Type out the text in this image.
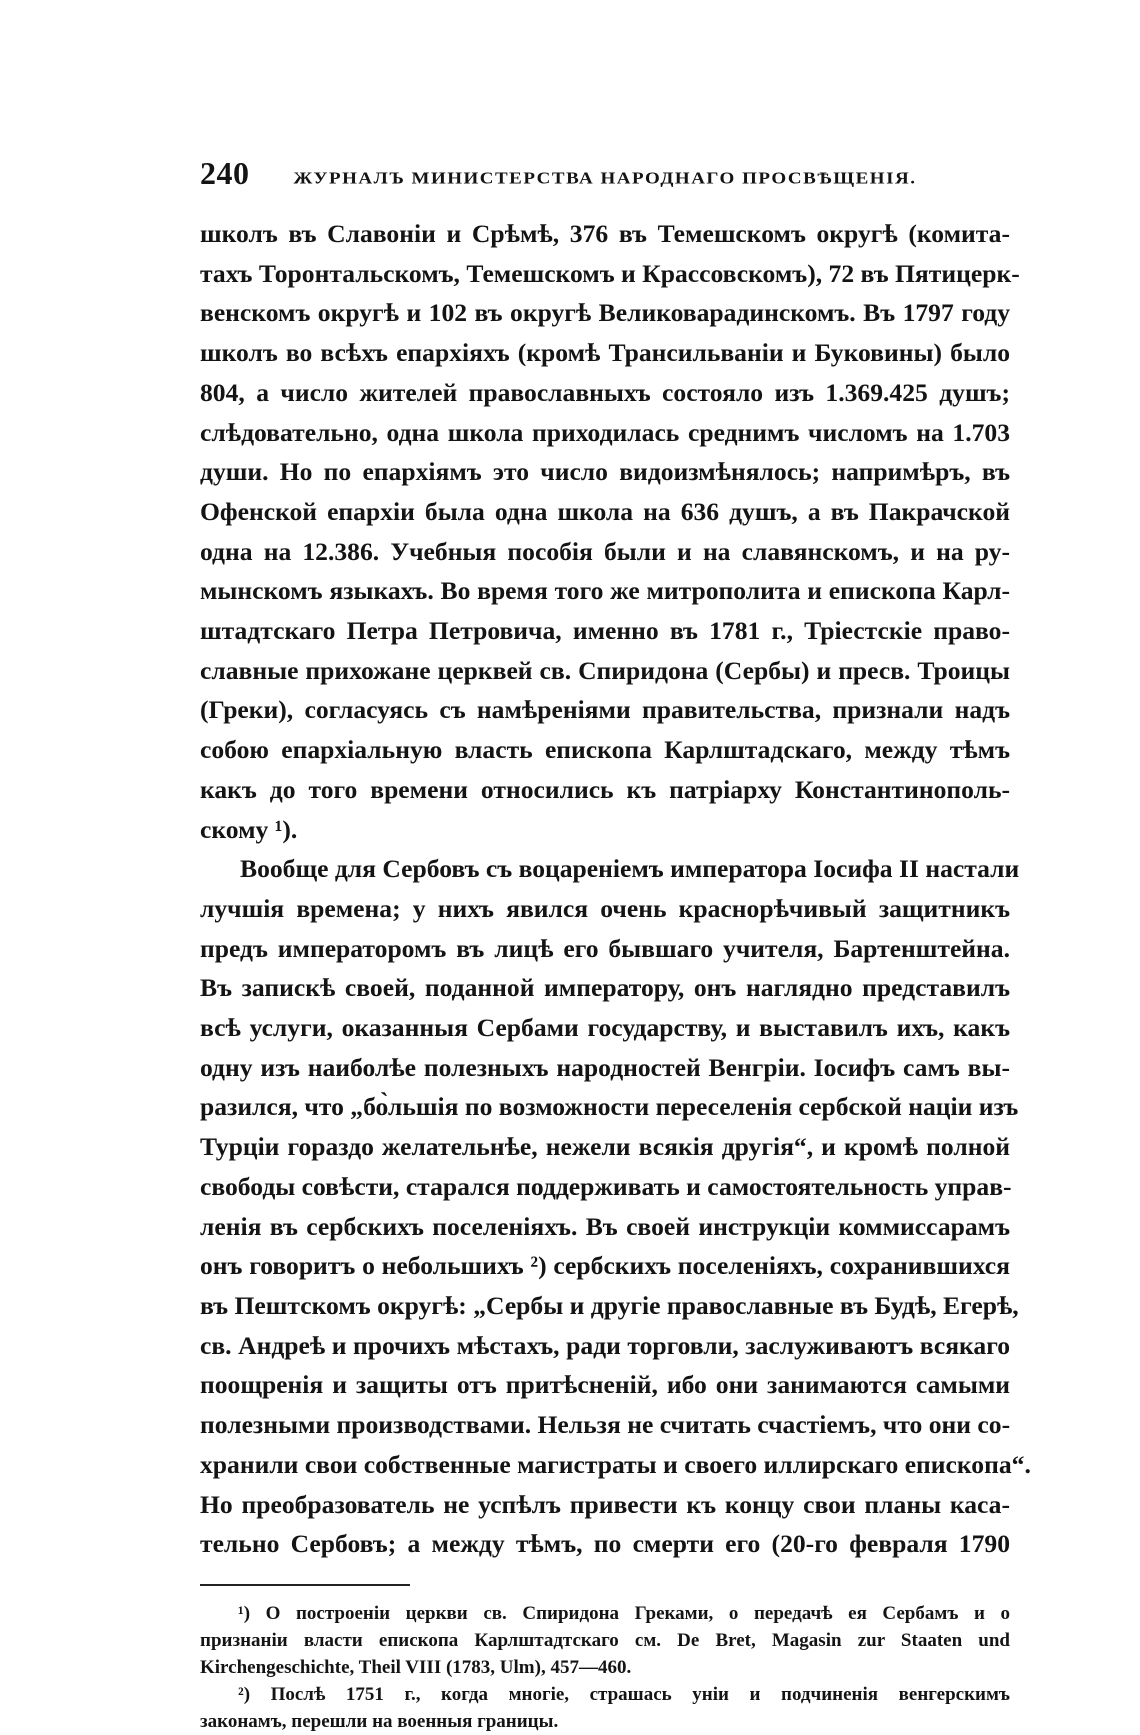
240 ЖУРНАЛЪ МИНИСТЕРСТВА НАРОДНАГО ПРОСВѢЩЕНІЯ.

школъ въ Славоніи и Срѣмѣ, 376 въ Темешскомъ округѣ (комита-
тахъ Торонтальскомъ, Темешскомъ и Крассовскомъ), 72 въ Пятицерк-
венскомъ округѣ и 102 въ округѣ Великоварадинскомъ. Въ 1797 году
школъ во всѣхъ епархіяхъ (кромѣ Трансильваніи и Буковины) было
804, а число жителей православныхъ состояло изъ 1.369.425 душъ;
слѣдовательно, одна школа приходилась среднимъ числомъ на 1.703
души. Но по епархіямъ это число видоизмѣнялось; напримѣръ, въ
Офенской епархіи была одна школа на 636 душъ, а въ Пакрачской
одна на 12.386. Учебныя пособія были и на славянскомъ, и на ру-
мынскомъ языкахъ. Во время того же митрополита и епископа Карл-
штадтскаго Петра Петровича, именно въ 1781 г., Тріестскіе право-
славные прихожане церквей св. Спиридона (Сербы) и пресв. Троицы
(Греки), согласуясь съ намѣреніями правительства, признали надъ
собою епархіальную власть епископа Карлштадскаго, между тѣмъ
какъ до того времени относились къ патріарху Константинополь-
скому ¹).

Вообще для Сербовъ съ воцареніемъ императора Іосифа II настали
лучшія времена; у нихъ явился очень краснорѣчивый защитникъ
предъ императоромъ въ лицѣ его бывшаго учителя, Бартенштейна.
Въ запискѣ своей, поданной императору, онъ наглядно представилъ
всѣ услуги, оказанныя Сербами государству, и выставилъ ихъ, какъ
одну изъ наиболѣе полезныхъ народностей Венгріи. Іосифъ самъ вы-
разился, что „бо̀льшія по возможности переселенія сербской націи изъ
Турціи гораздо желательнѣе, нежели всякія другія“, и кромѣ полной
свободы совѣсти, старался поддерживать и самостоятельность управ-
ленія въ сербскихъ поселеніяхъ. Въ своей инструкціи коммиссарамъ
онъ говоритъ о небольшихъ ²) сербскихъ поселеніяхъ, сохранившихся
въ Пештскомъ округѣ: „Сербы и другіе православные въ Будѣ, Егерѣ,
св. Андреѣ и прочихъ мѣстахъ, ради торговли, заслуживаютъ всякаго
поощренія и защиты отъ притѣсненій, ибо они занимаются самыми
полезными производствами. Нельзя не считать счастіемъ, что они со-
хранили свои собственные магистраты и своего иллирскаго епископа“.
Но преобразователь не успѣлъ привести къ концу свои планы каса-
тельно Сербовъ; а между тѣмъ, по смерти его (20-го февраля 1790

¹) О построеніи церкви св. Спиридона Греками, о передачѣ ея Сербамъ и о
признаніи власти епископа Карлштадтскаго см. De Bret, Magasin zur Staaten und
Kirchengeschichte, Theil VIII (1783, Ulm), 457—460.
²) Послѣ 1751 г., когда многіе, страшась уніи и подчиненія венгерскимъ
законамъ, перешли на военныя границы.
